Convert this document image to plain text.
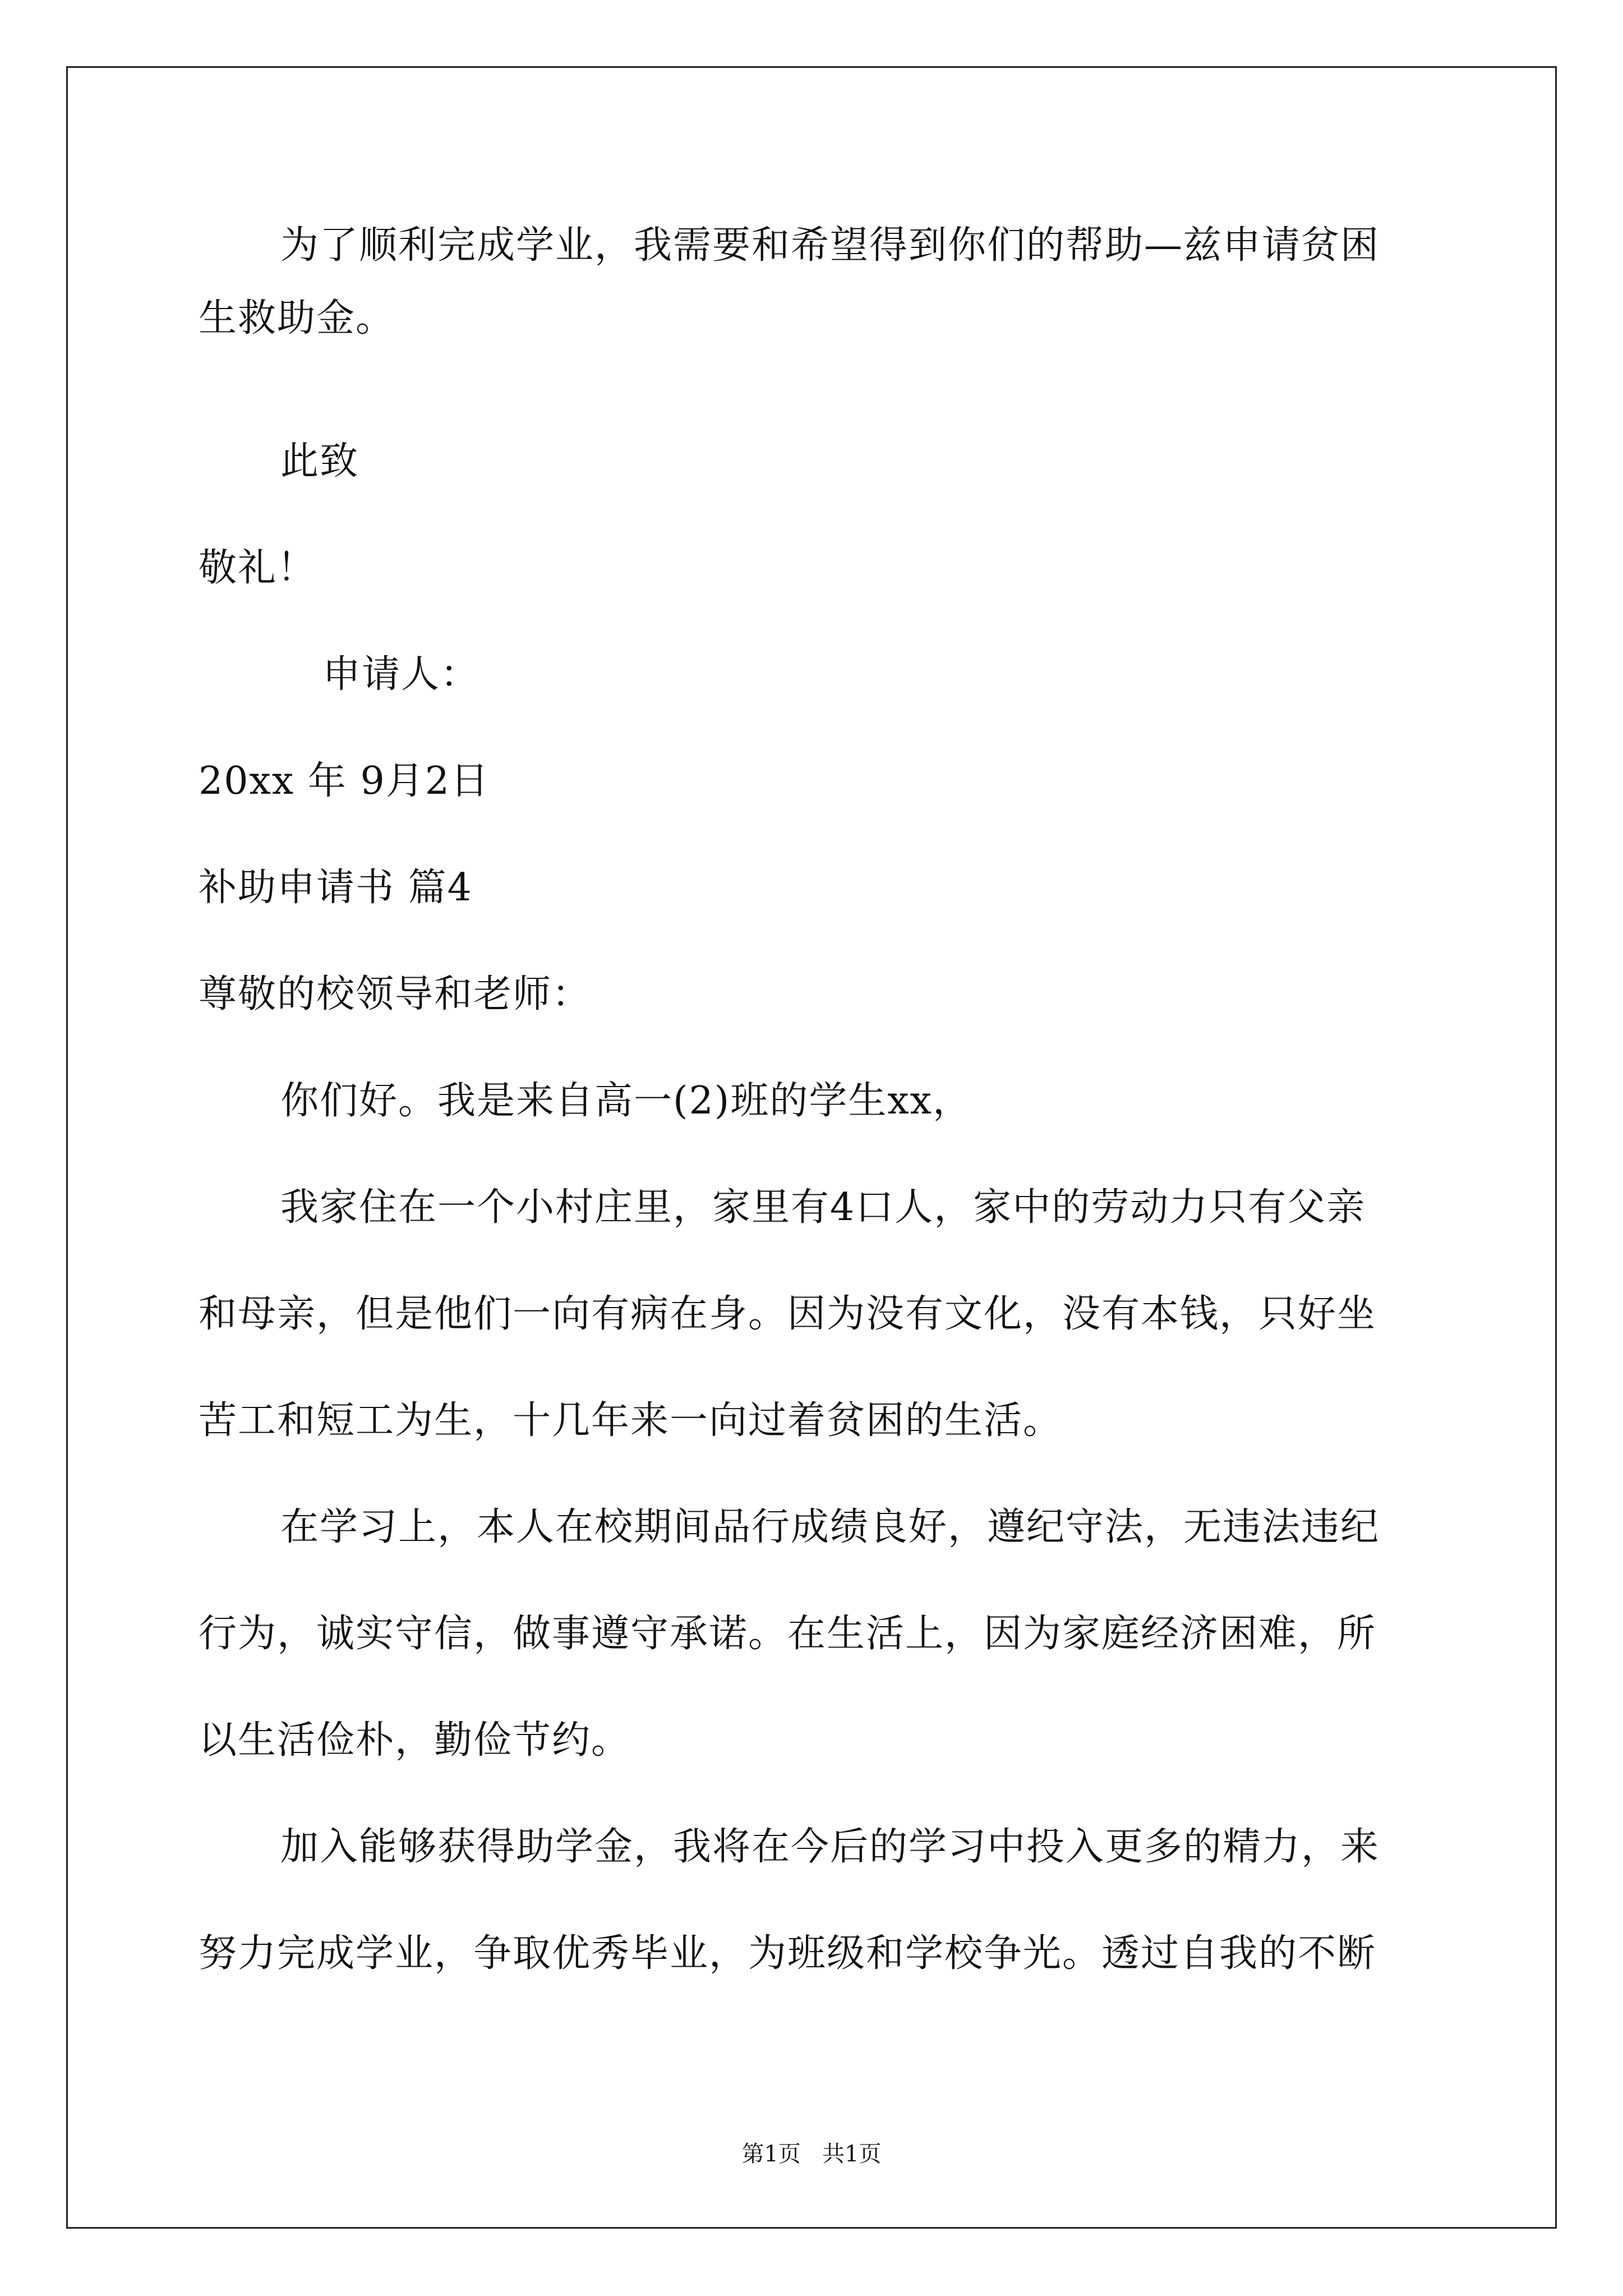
为了顺利完成学业，我需要和希望得到你们的帮助—兹申请贫困
生救助金。
此致
敬礼！
申请人：
20xx 年 9月2日
补助申请书 篇4
尊敬的校领导和老师：
你们好。我是来自高一(2)班的学生xx，
我家住在一个小村庄里，家里有4口人，家中的劳动力只有父亲
和母亲，但是他们一向有病在身。因为没有文化，没有本钱，只好坐
苦工和短工为生，十几年来一向过着贫困的生活。
在学习上，本人在校期间品行成绩良好，遵纪守法，无违法违纪
行为，诚实守信，做事遵守承诺。在生活上，因为家庭经济困难，所
以生活俭朴，勤俭节约。
加入能够获得助学金，我将在今后的学习中投入更多的精力，来
努力完成学业，争取优秀毕业，为班级和学校争光。透过自我的不断
第1页   共1页
